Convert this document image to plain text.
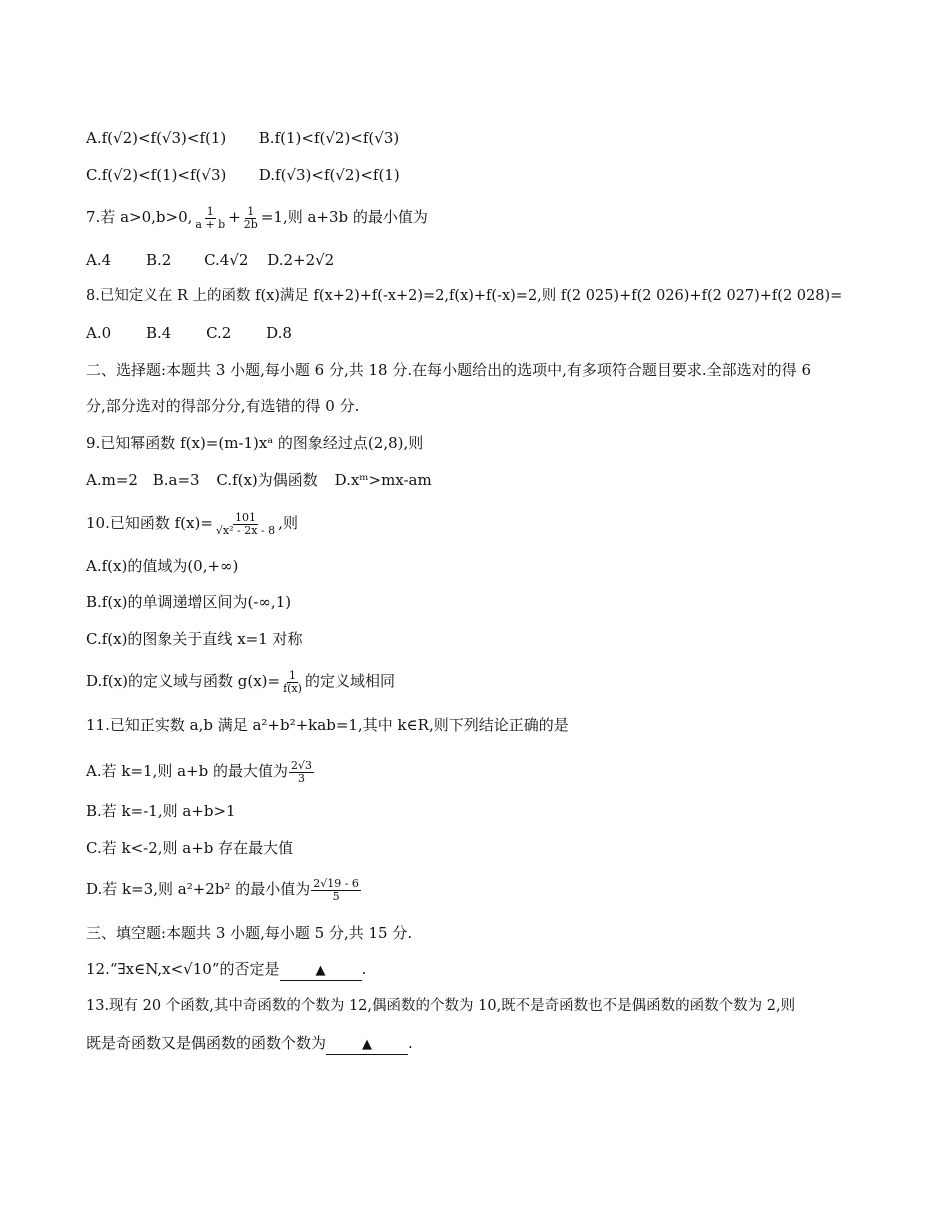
A.f(√2)<f(√3)<f(1) B.f(1)<f(√2)<f(√3)
C.f(√2)<f(1)<f(√3) D.f(√3)<f(√2)<f(1)
7.若 a>0,b>0, $\frac{1}{a + b} + \frac{1}{2b} =1$,则 a+3b 的最小值为
A.4 B.2 C.4√2 D.2+2√2
8.已知定义在 R 上的函数 f(x)满足 f(x+2)+f(-x+2)=2,f(x)+f(-x)=2,则 f(2 025)+f(2 026)+f(2 027)+f(2 028)=
A.0 B.4 C.2 D.8
二、选择题:本题共 3 小题,每小题 6 分,共 18 分.在每小题给出的选项中,有多项符合题目要求.全部选对的得 6
分,部分选对的得部分分,有选错的得 0 分.
9.已知幂函数 f(x)=(m-1)xᵃ 的图象经过点(2,8),则
A.m=2 B.a=3 C.f(x)为偶函数 D.xᵐ>mx-am
10.已知函数 $f(x)= \frac{101}{\text{√x² - 2x - 8}}$ ,则
A.f(x)的值域为(0,+∞)
B.f(x)的单调递增区间为(-∞,1)
C.f(x)的图象关于直线 x=1 对称
D.f(x)的定义域与函数 $g(x)= \frac{1}{f(x)}$ 的定义域相同
11.已知正实数 a,b 满足 a²+b²+kab=1,其中 k∈R,则下列结论正确的是
A.若 k=1,则 a+b 的最大值为 $\frac{2√3}{3}$
B.若 k=-1,则 a+b>1
C.若 k<-2,则 a+b 存在最大值
D.若 k=3,则 a²+2b² 的最小值为 $\frac{2√19 - 6}{5}$
三、填空题:本题共 3 小题,每小题 5 分,共 15 分.
12.“∃x∈N,x<√10”的否定是	▲ .
13.现有 20 个函数,其中奇函数的个数为 12,偶函数的个数为 10,既不是奇函数也不是偶函数的函数个数为 2,则
既是奇函数又是偶函数的函数个数为	▲ .
